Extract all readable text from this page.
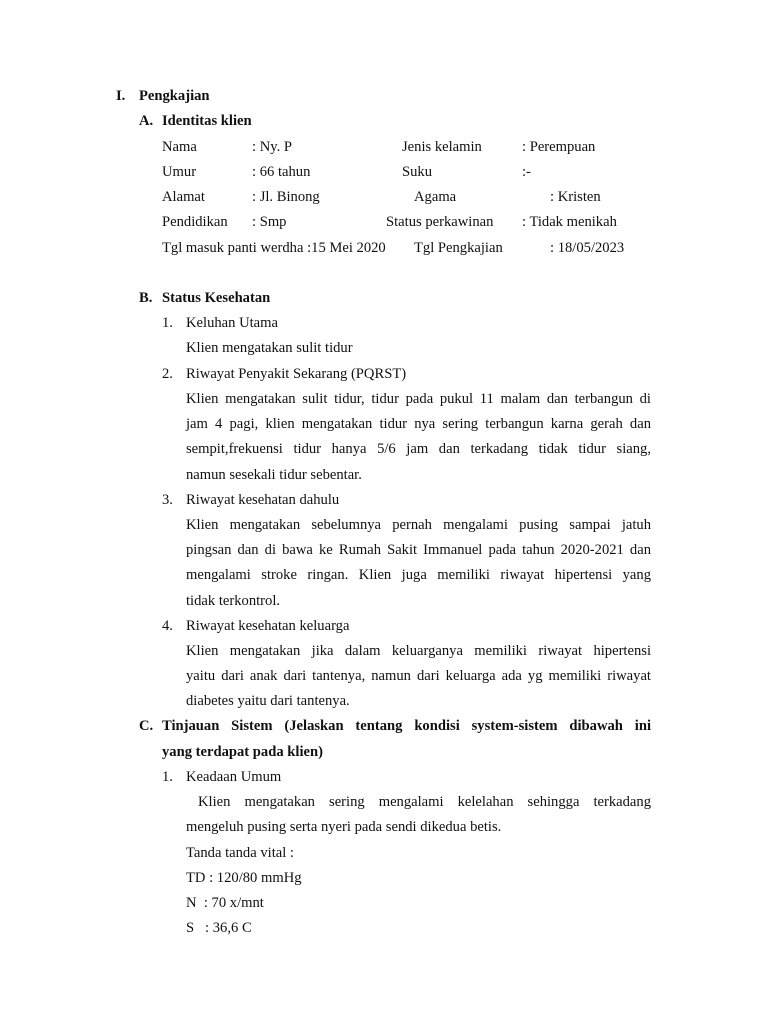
I. Pengkajian
A. Identitas klien
Nama	: Ny. P	Jenis kelamin	: Perempuan
Umur	: 66 tahun	Suku	:-
Alamat	: Jl. Binong	Agama	: Kristen
Pendidikan : Smp	Status perkawinan : Tidak menikah
Tgl masuk panti werdha :15 Mei 2020 Tgl Pengkajian	: 18/05/2023
B. Status Kesehatan
1. Keluhan Utama
Klien mengatakan sulit tidur
2. Riwayat Penyakit Sekarang (PQRST)
Klien mengatakan sulit tidur, tidur pada pukul 11 malam dan terbangun di
jam 4 pagi, klien mengatakan tidur nya sering terbangun karna gerah dan
sempit,frekuensi tidur hanya 5/6 jam dan terkadang tidak tidur siang,
namun sesekali tidur sebentar.
3. Riwayat kesehatan dahulu
Klien mengatakan sebelumnya pernah mengalami pusing sampai jatuh
pingsan dan di bawa ke Rumah Sakit Immanuel pada tahun 2020-2021 dan
mengalami stroke ringan. Klien juga memiliki riwayat hipertensi yang
tidak terkontrol.
4. Riwayat kesehatan keluarga
Klien mengatakan jika dalam keluarganya memiliki riwayat hipertensi
yaitu dari anak dari tantenya, namun dari keluarga ada yg memiliki riwayat
diabetes yaitu dari tantenya.
C. Tinjauan Sistem (Jelaskan tentang kondisi system-sistem dibawah ini
yang terdapat pada klien)
1. Keadaan Umum
Klien mengatakan sering mengalami kelelahan sehingga terkadang
mengeluh pusing serta nyeri pada sendi dikedua betis.
Tanda tanda vital :
TD : 120/80 mmHg
N  : 70 x/mnt
S   : 36,6 C
